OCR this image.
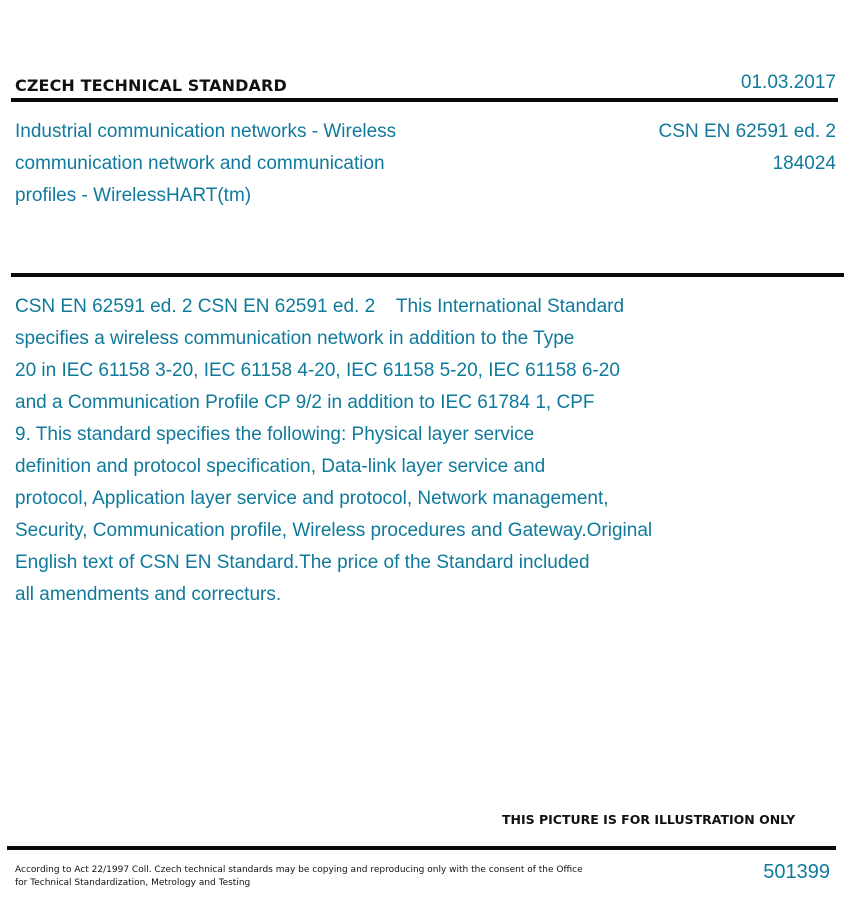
CZECH TECHNICAL STANDARD	01.03.2017
Industrial communication networks - Wireless
communication network and communication
profiles - WirelessHART(tm)
CSN EN 62591 ed. 2
184024
CSN EN 62591 ed. 2 CSN EN 62591 ed. 2    This International Standard
specifies a wireless communication network in addition to the Type
20 in IEC 61158 3-20, IEC 61158 4-20, IEC 61158 5-20, IEC 61158 6-20
and a Communication Profile CP 9/2 in addition to IEC 61784 1, CPF
9. This standard specifies the following: Physical layer service
definition and protocol specification, Data-link layer service and
protocol, Application layer service and protocol, Network management,
Security, Communication profile, Wireless procedures and Gateway.Original
English text of CSN EN Standard.The price of the Standard included
all amendments and correcturs.
THIS PICTURE IS FOR ILLUSTRATION ONLY
According to Act 22/1997 Coll. Czech technical standards may be copying and reproducing only with the consent of the Office
for Technical Standardization, Metrology and Testing	501399
